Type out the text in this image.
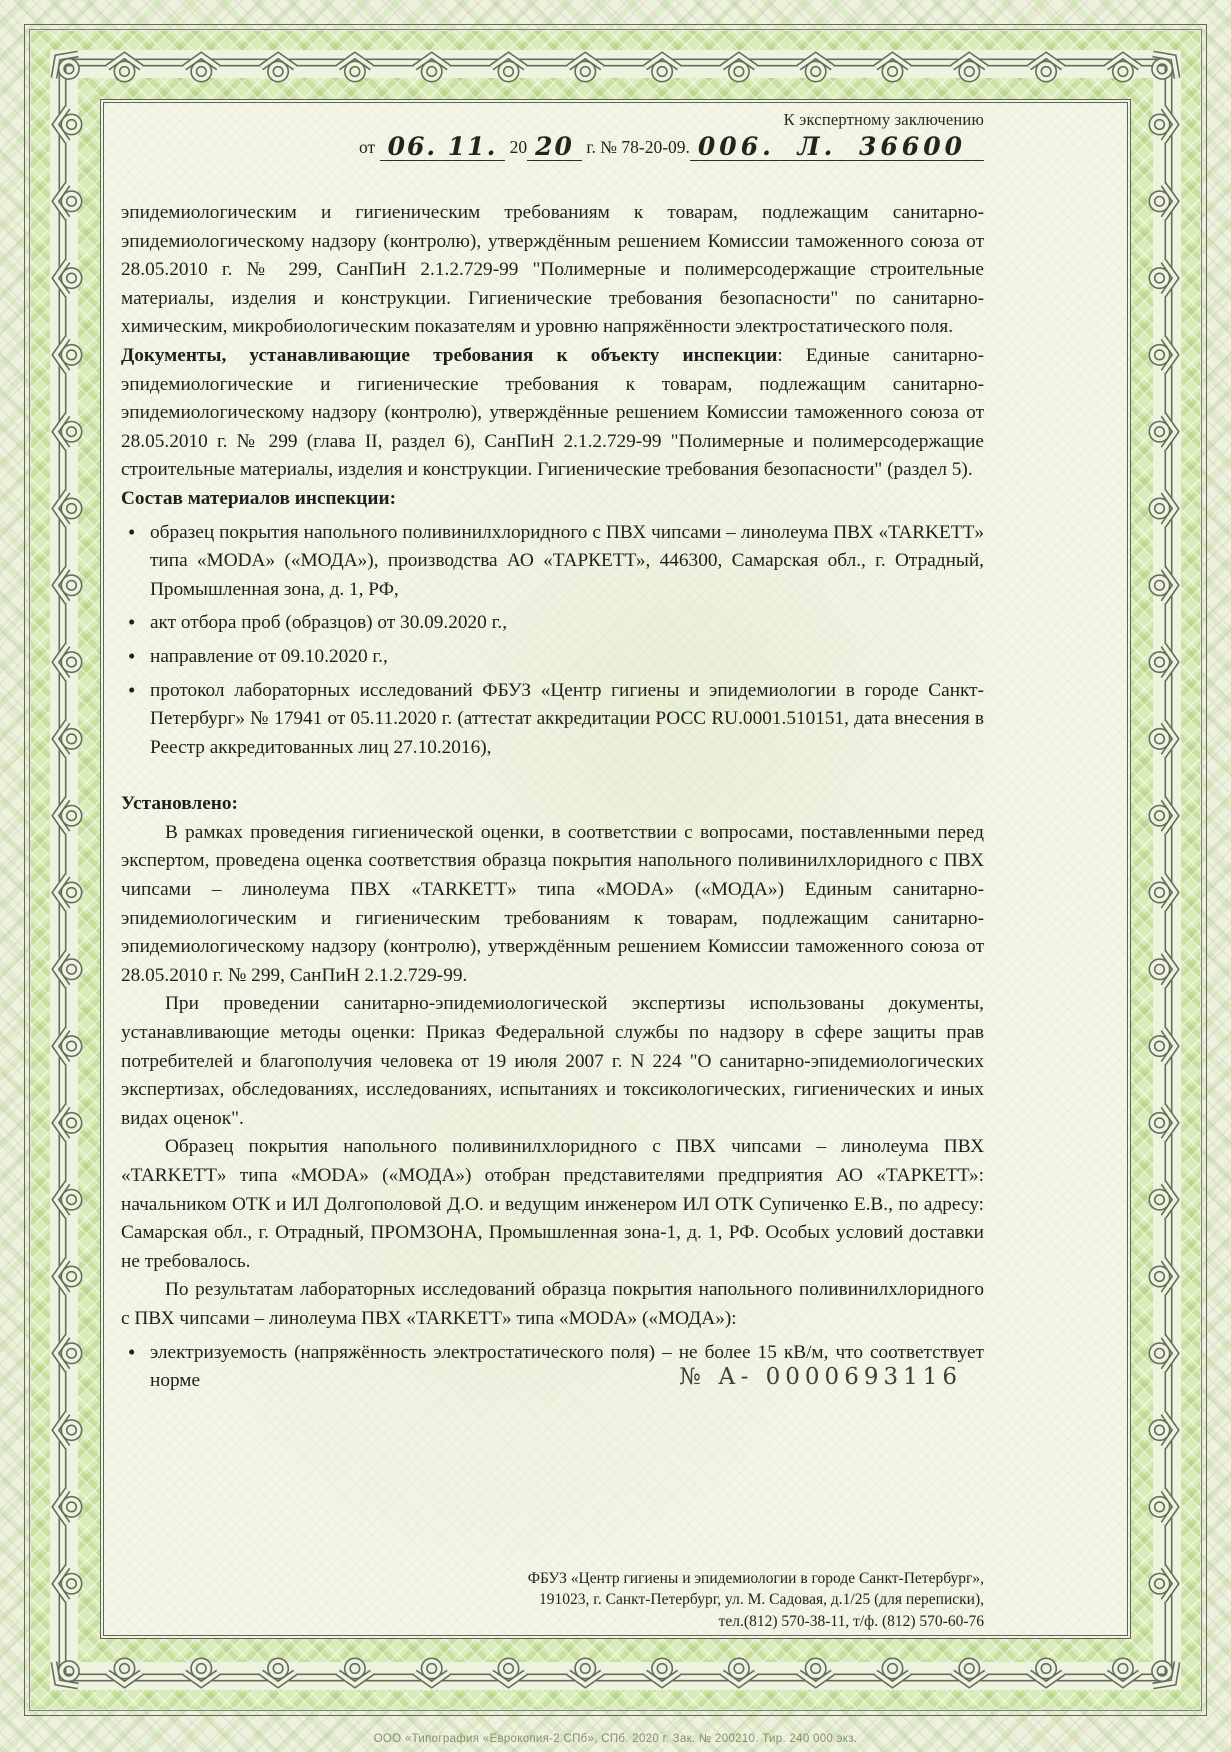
К экспертному заключению
от 06. 11. 20 20 г. № 78-20-09. 006. Л. 36600

эпидемиологическим и гигиеническим требованиям к товарам, подлежащим санитарно-эпидемиологическому надзору (контролю), утверждённым решением Комиссии таможенного союза от 28.05.2010 г. № 299, СанПиН 2.1.2.729-99 "Полимерные и полимерсодержащие строительные материалы, изделия и конструкции. Гигиенические требования безопасности" по санитарно-химическим, микробиологическим показателям и уровню напряжённости электростатического поля.

Документы, устанавливающие требования к объекту инспекции: Единые санитарно-эпидемиологические и гигиенические требования к товарам, подлежащим санитарно-эпидемиологическому надзору (контролю), утверждённые решением Комиссии таможенного союза от 28.05.2010 г. № 299 (глава II, раздел 6), СанПиН 2.1.2.729-99 "Полимерные и полимерсодержащие строительные материалы, изделия и конструкции. Гигиенические требования безопасности" (раздел 5).

Состав материалов инспекции:

• образец покрытия напольного поливинилхлоридного с ПВХ чипсами – линолеума ПВХ «TARKETT» типа «MODA» («МОДА»), производства АО «ТАРКЕТТ», 446300, Самарская обл., г. Отрадный, Промышленная зона, д. 1, РФ,
• акт отбора проб (образцов) от 30.09.2020 г.,
• направление от 09.10.2020 г.,
• протокол лабораторных исследований ФБУЗ «Центр гигиены и эпидемиологии в городе Санкт-Петербург» № 17941 от 05.11.2020 г. (аттестат аккредитации РОСС RU.0001.510151, дата внесения в Реестр аккредитованных лиц 27.10.2016),

Установлено:

В рамках проведения гигиенической оценки, в соответствии с вопросами, поставленными перед экспертом, проведена оценка соответствия образца покрытия напольного поливинилхлоридного с ПВХ чипсами – линолеума ПВХ «TARKETT» типа «MODA» («МОДА») Единым санитарно-эпидемиологическим и гигиеническим требованиям к товарам, подлежащим санитарно-эпидемиологическому надзору (контролю), утверждённым решением Комиссии таможенного союза от 28.05.2010 г. № 299, СанПиН 2.1.2.729-99.

При проведении санитарно-эпидемиологической экспертизы использованы документы, устанавливающие методы оценки: Приказ Федеральной службы по надзору в сфере защиты прав потребителей и благополучия человека от 19 июля 2007 г. N 224 "О санитарно-эпидемиологических экспертизах, обследованиях, исследованиях, испытаниях и токсикологических, гигиенических и иных видах оценок".

Образец покрытия напольного поливинилхлоридного с ПВХ чипсами – линолеума ПВХ «TARKETT» типа «MODA» («МОДА») отобран представителями предприятия АО «ТАРКЕТТ»: начальником ОТК и ИЛ Долгополовой Д.О. и ведущим инженером ИЛ ОТК Супиченко Е.В., по адресу: Самарская обл., г. Отрадный, ПРОМЗОНА, Промышленная зона-1, д. 1, РФ. Особых условий доставки не требовалось.

По результатам лабораторных исследований образца покрытия напольного поливинилхлоридного с ПВХ чипсами – линолеума ПВХ «TARKETT» типа «MODA» («МОДА»):

• электризуемость (напряжённость электростатического поля) – не более 15 кВ/м, что соответствует норме	№ А- 0000693116
ФБУЗ «Центр гигиены и эпидемиологии в городе Санкт-Петербург»,
191023, г. Санкт-Петербург, ул. М. Садовая, д.1/25 (для переписки),
тел.(812) 570-38-11, т/ф. (812) 570-60-76
ООО «Типография «Еврокопия-2 СПб», СПб. 2020 г. Зак. № 200210. Тир. 240 000 экз.
